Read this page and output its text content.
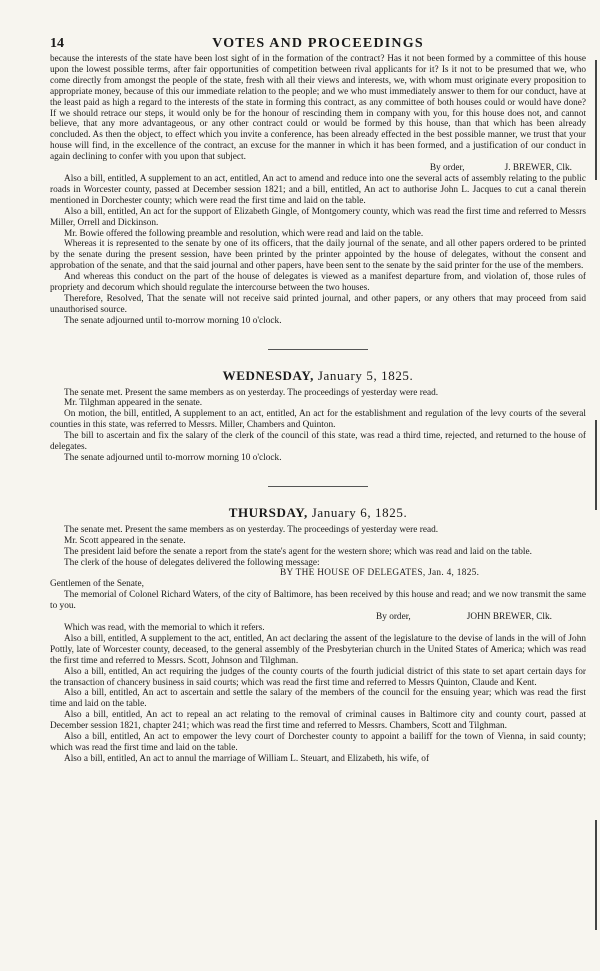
14	VOTES AND PROCEEDINGS

because the interests of the state have been lost sight of in the formation of the contract? Has it not been formed by a committee of this house upon the lowest possible terms, after fair opportunities of competition between rival applicants for it? Is it not to be presumed that we, who come directly from amongst the people of the state, fresh with all their views and interests, we, with whom must originate every proposition to appropriate money, because of this our immediate relation to the people; and we who must immediately answer to them for our conduct, have at the least paid as high a regard to the interests of the state in forming this contract, as any committee of both houses could or would have done? If we should retrace our steps, it would only be for the honour of rescinding them in company with you, for this house does not, and cannot believe, that any more advantageous, or any other contract could or would be formed by this house, than that which has been already concluded. As then the object, to effect which you invite a conference, has been already effected in the best possible manner, we trust that your house will find, in the excellence of the contract, an excuse for the manner in which it has been formed, and a justification of our conduct in again declining to confer with you upon that subject.

By order,	J. BREWER, Clk.

Also a bill, entitled, A supplement to an act, entitled, An act to amend and reduce into one the several acts of assembly relating to the public roads in Worcester county, passed at December session 1821; and a bill, entitled, An act to authorise John L. Jacques to cut a canal therein mentioned in Dorchester county; which were read the first time and laid on the table.

Also a bill, entitled, An act for the support of Elizabeth Gingle, of Montgomery county, which was read the first time and referred to Messrs Miller, Orrell and Dickinson.

Mr. Bowie offered the following preamble and resolution, which were read and laid on the table.

Whereas it is represented to the senate by one of its officers, that the daily journal of the senate, and all other papers ordered to be printed by the senate during the present session, have been printed by the printer appointed by the house of delegates, without the consent and approbation of the senate, and that the said journal and other papers, have been sent to the senate by the said printer for the use of the members.

And whereas this conduct on the part of the house of delegates is viewed as a manifest departure from, and violation of, those rules of propriety and decorum which should regulate the intercourse between the two houses.

Therefore, Resolved, That the senate will not receive said printed journal, and other papers, or any others that may proceed from said unauthorised source.

The senate adjourned until to-morrow morning 10 o'clock.

WEDNESDAY, January 5, 1825.

The senate met. Present the same members as on yesterday. The proceedings of yesterday were read.

Mr. Tilghman appeared in the senate.

On motion, the bill, entitled, A supplement to an act, entitled, An act for the establishment and regulation of the levy courts of the several counties in this state, was referred to Messrs. Miller, Chambers and Quinton.

The bill to ascertain and fix the salary of the clerk of the council of this state, was read a third time, rejected, and returned to the house of delegates.

The senate adjourned until to-morrow morning 10 o'clock.

THURSDAY, January 6, 1825.

The senate met. Present the same members as on yesterday. The proceedings of yesterday were read.

Mr. Scott appeared in the senate.

The president laid before the senate a report from the state's agent for the western shore; which was read and laid on the table.

The clerk of the house of delegates delivered the following message:

BY THE HOUSE OF DELEGATES, Jan. 4, 1825.

Gentlemen of the Senate,

The memorial of Colonel Richard Waters, of the city of Baltimore, has been received by this house and read; and we now transmit the same to you.

By order,	JOHN BREWER, Clk.

Which was read, with the memorial to which it refers.

Also a bill, entitled, A supplement to the act, entitled, An act declaring the assent of the legislature to the devise of lands in the will of John Pottly, late of Worcester county, deceased, to the general assembly of the Presbyterian church in the United States of America; which was read the first time and referred to Messrs. Scott, Johnson and Tilghman.

Also a bill, entitled, An act requiring the judges of the county courts of the fourth judicial district of this state to set apart certain days for the transaction of chancery business in said courts; which was read the first time and referred to Messrs Quinton, Claude and Kent.

Also a bill, entitled, An act to ascertain and settle the salary of the members of the council for the ensuing year; which was read the first time and laid on the table.

Also a bill, entitled, An act to repeal an act relating to the removal of criminal causes in Baltimore city and county court, passed at December session 1821, chapter 241; which was read the first time and referred to Messrs. Chambers, Scott and Tilghman.

Also a bill, entitled, An act to empower the levy court of Dorchester county to appoint a bailiff for the town of Vienna, in said county; which was read the first time and laid on the table.

Also a bill, entitled, An act to annul the marriage of William L. Steuart, and Elizabeth, his wife, of
